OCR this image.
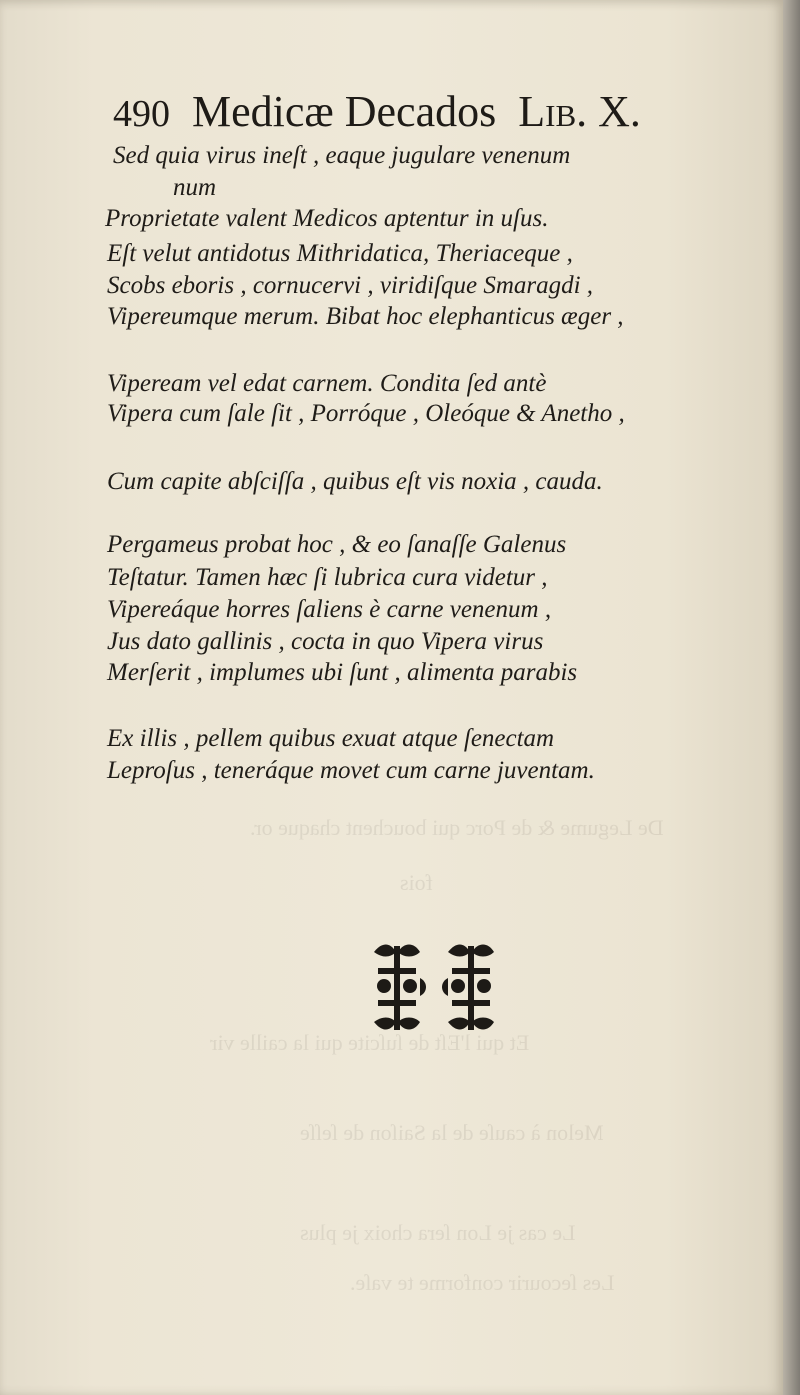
490 Medicæ Decados Lib. X.
Sed quia virus ineſt , eaque jugulare venenum
num
Proprietate valent Medicos aptentur in uſus.
Eſt velut antidotus Mithridatica, Theriaceque ,
Scobs eboris , cornucervi , viridiſque Smaragdi ,
Vipereumque merum. Bibat hoc elephanticus æger ,
Vipeream vel edat carnem. Condita ſed antè
Vipera cum ſale ſit , Porróque , Oleóque & Anetho ,
Cum capite abſciſſa , quibus eſt vis noxia , cauda.
Pergameus probat hoc , & eo ſanaſſe Galenus
Teſtatur. Tamen hæc ſi lubrica cura videtur ,
Vipereáque horres ſaliens è carne venenum ,
Jus dato gallinis , cocta in quo Vipera virus
Merſerit , implumes ubi ſunt , alimenta parabis
Ex illis , pellem quibus exuat atque ſenectam
Leproſus , teneráque movet cum carne juventam.
De Legume & de Porc qui bouchent chaque or.
fois
Et qui l'Eſt de ſuſcite qui la caille vir
Melon à cauſe de la Saiſon de ſeſſe
Le cas je Lon ſera choix je plus
Les ſecourir conforme te vaſe.
